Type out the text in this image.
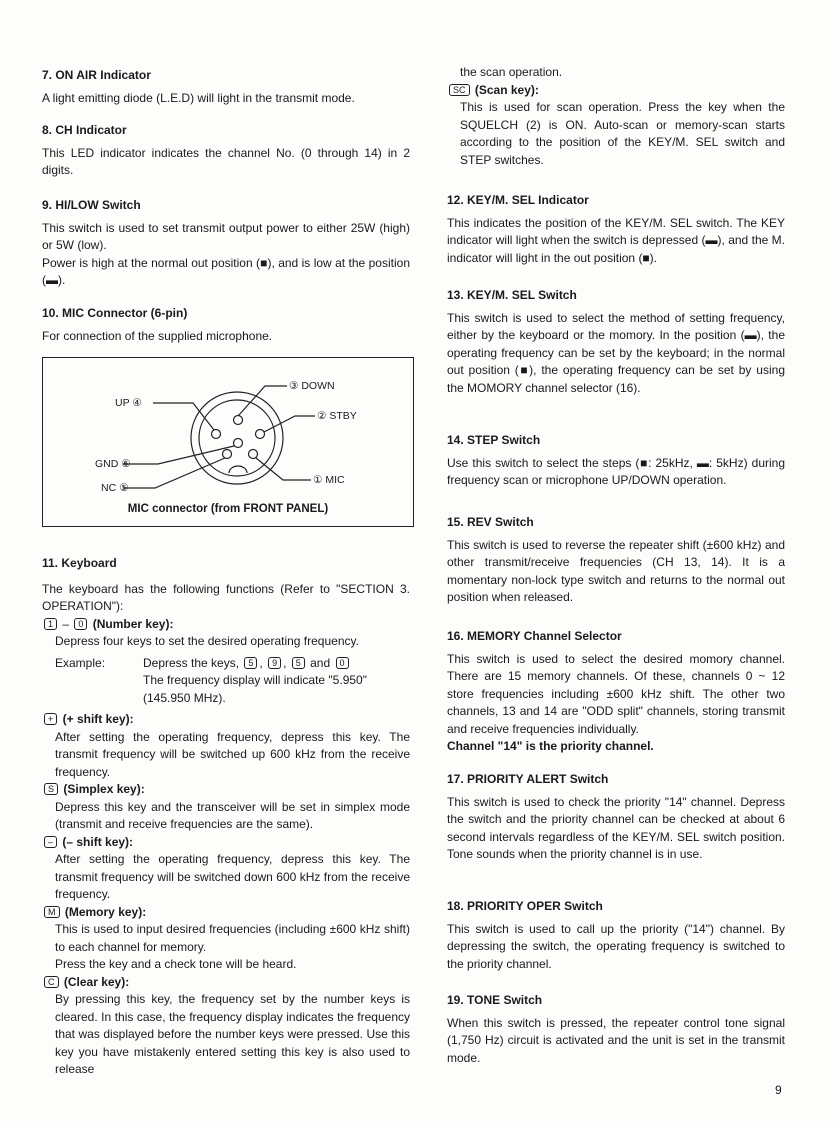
7. ON AIR Indicator

A light emitting diode (L.E.D) will light in the transmit mode.

8. CH Indicator

This LED indicator indicates the channel No. (0 through 14) in 2 digits.

9. HI/LOW Switch

This switch is used to set transmit output power to either 25W (high) or 5W (low).

Power is high at the normal out position (■), and is low at the position (▬).

10. MIC Connector (6-pin)

For connection of the supplied microphone.

③ DOWN
UP ④
② STBY
GND ⑥
① MIC
NC ⑤
MIC connector (from FRONT PANEL)
11. Keyboard

The keyboard has the following functions (Refer to "SECTION 3. OPERATION"):

1 – 0 (Number key):

Depress four keys to set the desired operating frequency.

Example:	Depress the keys, 5 , 9 , 5 and 0
The frequency display will indicate "5.950" (145.950 MHz).
+ (+ shift key):

After setting the operating frequency, depress this key. The transmit frequency will be switched up 600 kHz from the receive frequency.

S (Simplex key):

Depress this key and the transceiver will be set in simplex mode (transmit and receive frequencies are the same).

– (– shift key):

After setting the operating frequency, depress this key. The transmit frequency will be switched down 600 kHz from the receive frequency.

M (Memory key):

This is used to input desired frequencies (including ±600 kHz shift) to each channel for memory.

Press the key and a check tone will be heard.

C (Clear key):

By pressing this key, the frequency set by the number keys is cleared. In this case, the frequency display indicates the frequency that was displayed before the number keys were pressed. Use this key you have mistakenly entered setting this key is also used to release

the scan operation.

SC (Scan key):

This is used for scan operation. Press the key when the SQUELCH (2) is ON. Auto-scan or memory-scan starts according to the position of the KEY/M. SEL switch and STEP switches.

12. KEY/M. SEL Indicator

This indicates the position of the KEY/M. SEL switch. The KEY indicator will light when the switch is depressed (▬), and the M. indicator will light in the out position (■).

13. KEY/M. SEL Switch

This switch is used to select the method of setting frequency, either by the keyboard or the momory. In the position (▬), the operating frequency can be set by the keyboard; in the normal out position (■), the operating frequency can be set by using the MOMORY channel selector (16).

14. STEP Switch

Use this switch to select the steps (■: 25kHz, ▬: 5kHz) during frequency scan or microphone UP/DOWN operation.

15. REV Switch

This switch is used to reverse the repeater shift (±600 kHz) and other transmit/receive frequencies (CH 13, 14). It is a momentary non-lock type switch and returns to the normal out position when released.

16. MEMORY Channel Selector

This switch is used to select the desired momory channel. There are 15 memory channels. Of these, channels 0 ~ 12 store frequencies including ±600 kHz shift. The other two channels, 13 and 14 are "ODD split" channels, storing transmit and receive frequencies individually.

Channel "14" is the priority channel.

17. PRIORITY ALERT Switch

This switch is used to check the priority "14" channel. Depress the switch and the priority channel can be checked at about 6 second intervals regardless of the KEY/M. SEL switch position. Tone sounds when the priority channel is in use.

18. PRIORITY OPER Switch

This switch is used to call up the priority ("14") channel. By depressing the switch, the operating frequency is switched to the priority channel.

19. TONE Switch

When this switch is pressed, the repeater control tone signal (1,750 Hz) circuit is activated and the unit is set in the transmit mode.

9
